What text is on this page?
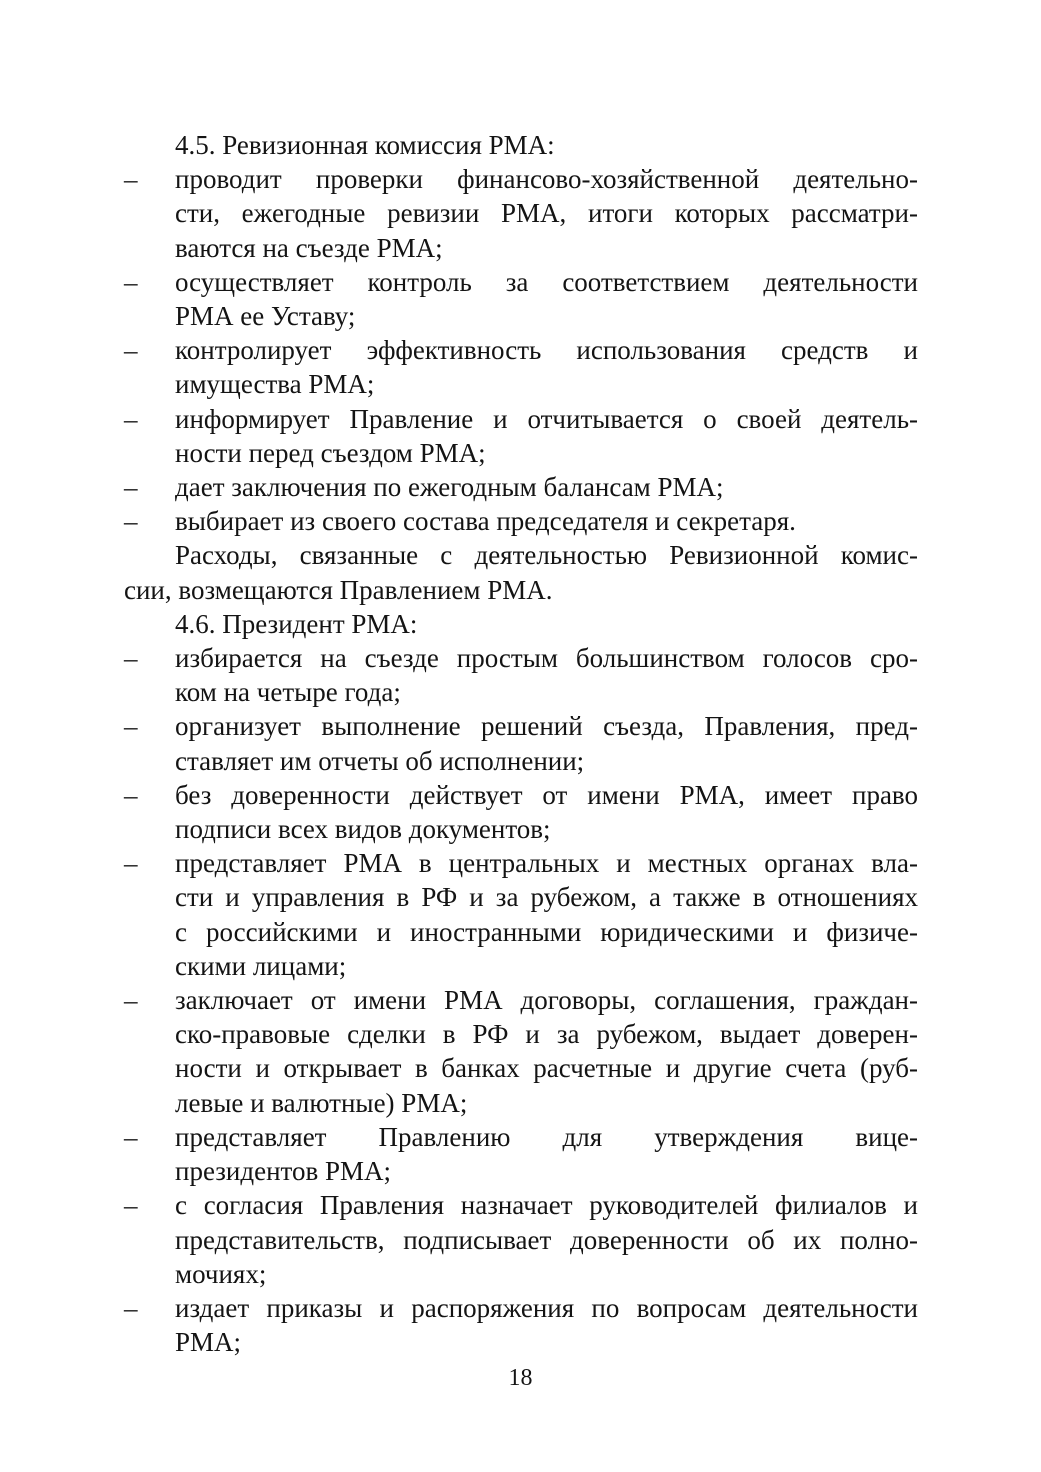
4.5. Ревизионная комиссия РМА:
–	проводит проверки финансово-хозяйственной деятельно-
сти, ежегодные ревизии РМА, итоги которых рассматри-
ваются на съезде РМА;
–	осуществляет контроль за соответствием деятельности
РМА ее Уставу;
–	контролирует эффективность использования средств и
имущества РМА;
–	информирует Правление и отчитывается о своей деятель-
ности перед съездом РМА;
–	дает заключения по ежегодным балансам РМА;
–	выбирает из своего состава председателя и секретаря.
Расходы, связанные с деятельностью Ревизионной комис-
сии, возмещаются Правлением РМА.
4.6. Президент РМА:
–	избирается на съезде простым большинством голосов сро-
ком на четыре года;
–	организует выполнение решений съезда, Правления, пред-
ставляет им отчеты об исполнении;
–	без доверенности действует от имени РМА, имеет право
подписи всех видов документов;
–	представляет РМА в центральных и местных органах вла-
сти и управления в РФ и за рубежом, а также в отношениях
с российскими и иностранными юридическими и физиче-
скими лицами;
–	заключает от имени РМА договоры, соглашения, граждан-
ско-правовые сделки в РФ и за рубежом, выдает доверен-
ности и открывает в банках расчетные и другие счета (руб-
левые и валютные) РМА;
–	представляет Правлению для утверждения вице-
президентов РМА;
–	с согласия Правления назначает руководителей филиалов и
представительств, подписывает доверенности об их полно-
мочиях;
–	издает приказы и распоряжения по вопросам деятельности
РМА;
18
